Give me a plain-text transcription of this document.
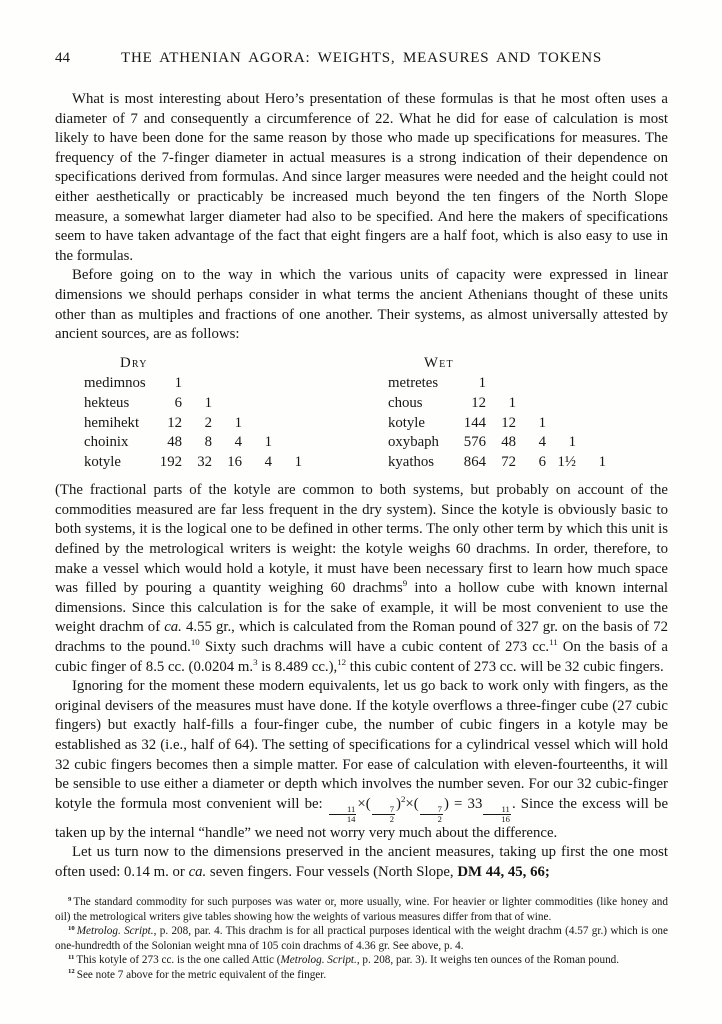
44	THE ATHENIAN AGORA: WEIGHTS, MEASURES AND TOKENS

What is most interesting about Hero’s presentation of these formulas is that he most often uses a diameter of 7 and consequently a circumference of 22. What he did for ease of calculation is most likely to have been done for the same reason by those who made up specifications for measures. The frequency of the 7-finger diameter in actual measures is a strong indication of their dependence on specifications derived from formulas. And since larger measures were needed and the height could not either aesthetically or practicably be increased much beyond the ten fingers of the North Slope measure, a somewhat larger diameter had also to be specified. And here the makers of specifications seem to have taken advantage of the fact that eight fingers are a half foot, which is also easy to use in the formulas.

Before going on to the way in which the various units of capacity were expressed in linear dimensions we should perhaps consider in what terms the ancient Athenians thought of these units other than as multiples and fractions of one another. Their systems, as almost universally attested by ancient sources, are as follows:

Dry
medimnos	1
hekteus	6	1
hemihekt	12	2	1
choinix	48	8	4	1
kotyle	192	32	16	4	1
Wet
metretes	1
chous	12	1
kotyle	144	12	1
oxybaph	576	48	4	1
kyathos	864	72	6 1½	1

(The fractional parts of the kotyle are common to both systems, but probably on account of the commodities measured are far less frequent in the dry system). Since the kotyle is obviously basic to both systems, it is the logical one to be defined in other terms. The only other term by which this unit is defined by the metrological writers is weight: the kotyle weighs 60 drachms. In order, therefore, to make a vessel which would hold a kotyle, it must have been necessary first to learn how much space was filled by pouring a quantity weighing 60 drachms$^9$ into a hollow cube with known internal dimensions. Since this calculation is for the sake of example, it will be most convenient to use the weight drachm of ca. 4.55 gr., which is calculated from the Roman pound of 327 gr. on the basis of 72 drachms to the pound.$^{10}$ Sixty such drachms will have a cubic content of 273 cc.$^{11}$ On the basis of a cubic finger of 8.5 cc. (0.0204 m.$^3$ is 8.489 cc.),$^{12}$ this cubic content of 273 cc. will be 32 cubic fingers.

Ignoring for the moment these modern equivalents, let us go back to work only with fingers, as the original devisers of the measures must have done. If the kotyle overflows a three-finger cube (27 cubic fingers) but exactly half-fills a four-finger cube, the number of cubic fingers in a kotyle may be established as 32 (i.e., half of 64). The setting of specifications for a cylindrical vessel which will hold 32 cubic fingers becomes then a simple matter. For ease of calculation with eleven-fourteenths, it will be sensible to use either a diameter or depth which involves the number seven. For our 32 cubic-finger kotyle the formula most convenient will be:
$\frac{11}{14}$
×(
$\frac{7}{2}$
)$^2$×(
$\frac{7}{2}$
) = 33
$\frac{11}{16}$
. Since the excess will be taken up by the internal “handle” we need not worry very much about the difference.

Let us turn now to the dimensions preserved in the ancient measures, taking up first the one most often used: 0.14 m. or ca. seven fingers. Four vessels (North Slope, DM 44, 45, 66;

$^9$ The standard commodity for such purposes was water or, more usually, wine. For heavier or lighter commodities (like honey and oil) the metrological writers give tables showing how the weights of various measures differ from that of wine.

$^{10}$ Metrolog. Script., p. 208, par. 4. This drachm is for all practical purposes identical with the weight drachm (4.57 gr.) which is one one-hundredth of the Solonian weight mna of 105 coin drachms of 4.36 gr. See above, p. 4.

$^{11}$ This kotyle of 273 cc. is the one called Attic (Metrolog. Script., p. 208, par. 3). It weighs ten ounces of the Roman pound.

$^{12}$ See note 7 above for the metric equivalent of the finger.
